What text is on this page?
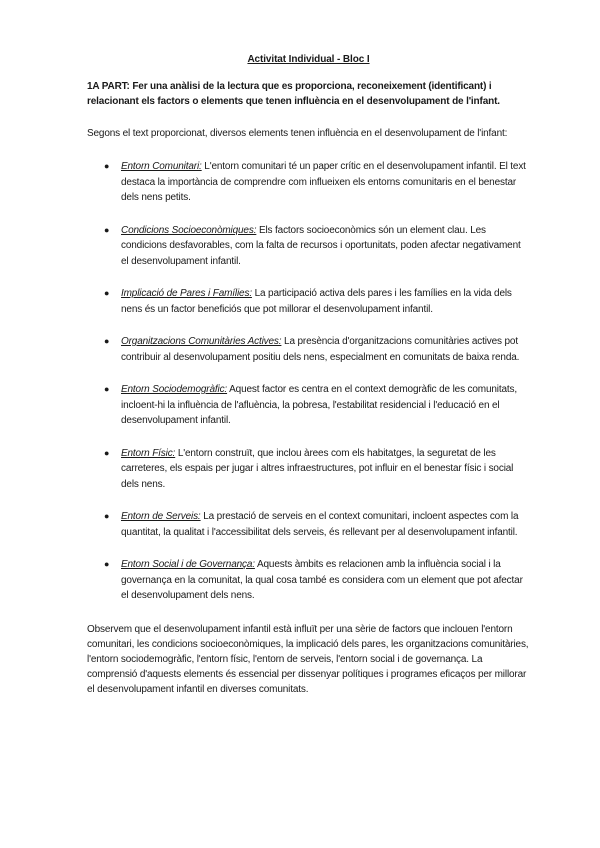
Activitat Individual - Bloc I
1A PART: Fer una anàlisi de la lectura que es proporciona, reconeixement (identificant) i relacionant els factors o elements que tenen influència en el desenvolupament de l'infant.
Segons el text proporcionat, diversos elements tenen influència en el desenvolupament de l'infant:
● Entorn Comunitari: L'entorn comunitari té un paper crític en el desenvolupament infantil. El text destaca la importància de comprendre com influeixen els entorns comunitaris en el benestar dels nens petits.
● Condicions Socioeconòmiques: Els factors socioeconòmics són un element clau. Les condicions desfavorables, com la falta de recursos i oportunitats, poden afectar negativament el desenvolupament infantil.
● Implicació de Pares i Famílies: La participació activa dels pares i les famílies en la vida dels nens és un factor beneficiós que pot millorar el desenvolupament infantil.
● Organitzacions Comunitàries Actives: La presència d'organitzacions comunitàries actives pot contribuir al desenvolupament positiu dels nens, especialment en comunitats de baixa renda.
● Entorn Sociodemogràfic: Aquest factor es centra en el context demogràfic de les comunitats, incloent-hi la influència de l'afluència, la pobresa, l'estabilitat residencial i l'educació en el desenvolupament infantil.
● Entorn Físic: L'entorn construït, que inclou àrees com els habitatges, la seguretat de les carreteres, els espais per jugar i altres infraestructures, pot influir en el benestar físic i social dels nens.
● Entorn de Serveis: La prestació de serveis en el context comunitari, incloent aspectes com la quantitat, la qualitat i l'accessibilitat dels serveis, és rellevant per al desenvolupament infantil.
● Entorn Social i de Governança: Aquests àmbits es relacionen amb la influència social i la governança en la comunitat, la qual cosa també es considera com un element que pot afectar el desenvolupament dels nens.
Observem que el desenvolupament infantil està influït per una sèrie de factors que inclouen l'entorn comunitari, les condicions socioeconòmiques, la implicació dels pares, les organitzacions comunitàries, l'entorn sociodemogràfic, l'entorn físic, l'entorn de serveis, l'entorn social i de governança. La comprensió d'aquests elements és essencial per dissenyar polítiques i programes eficaços per millorar el desenvolupament infantil en diverses comunitats.
